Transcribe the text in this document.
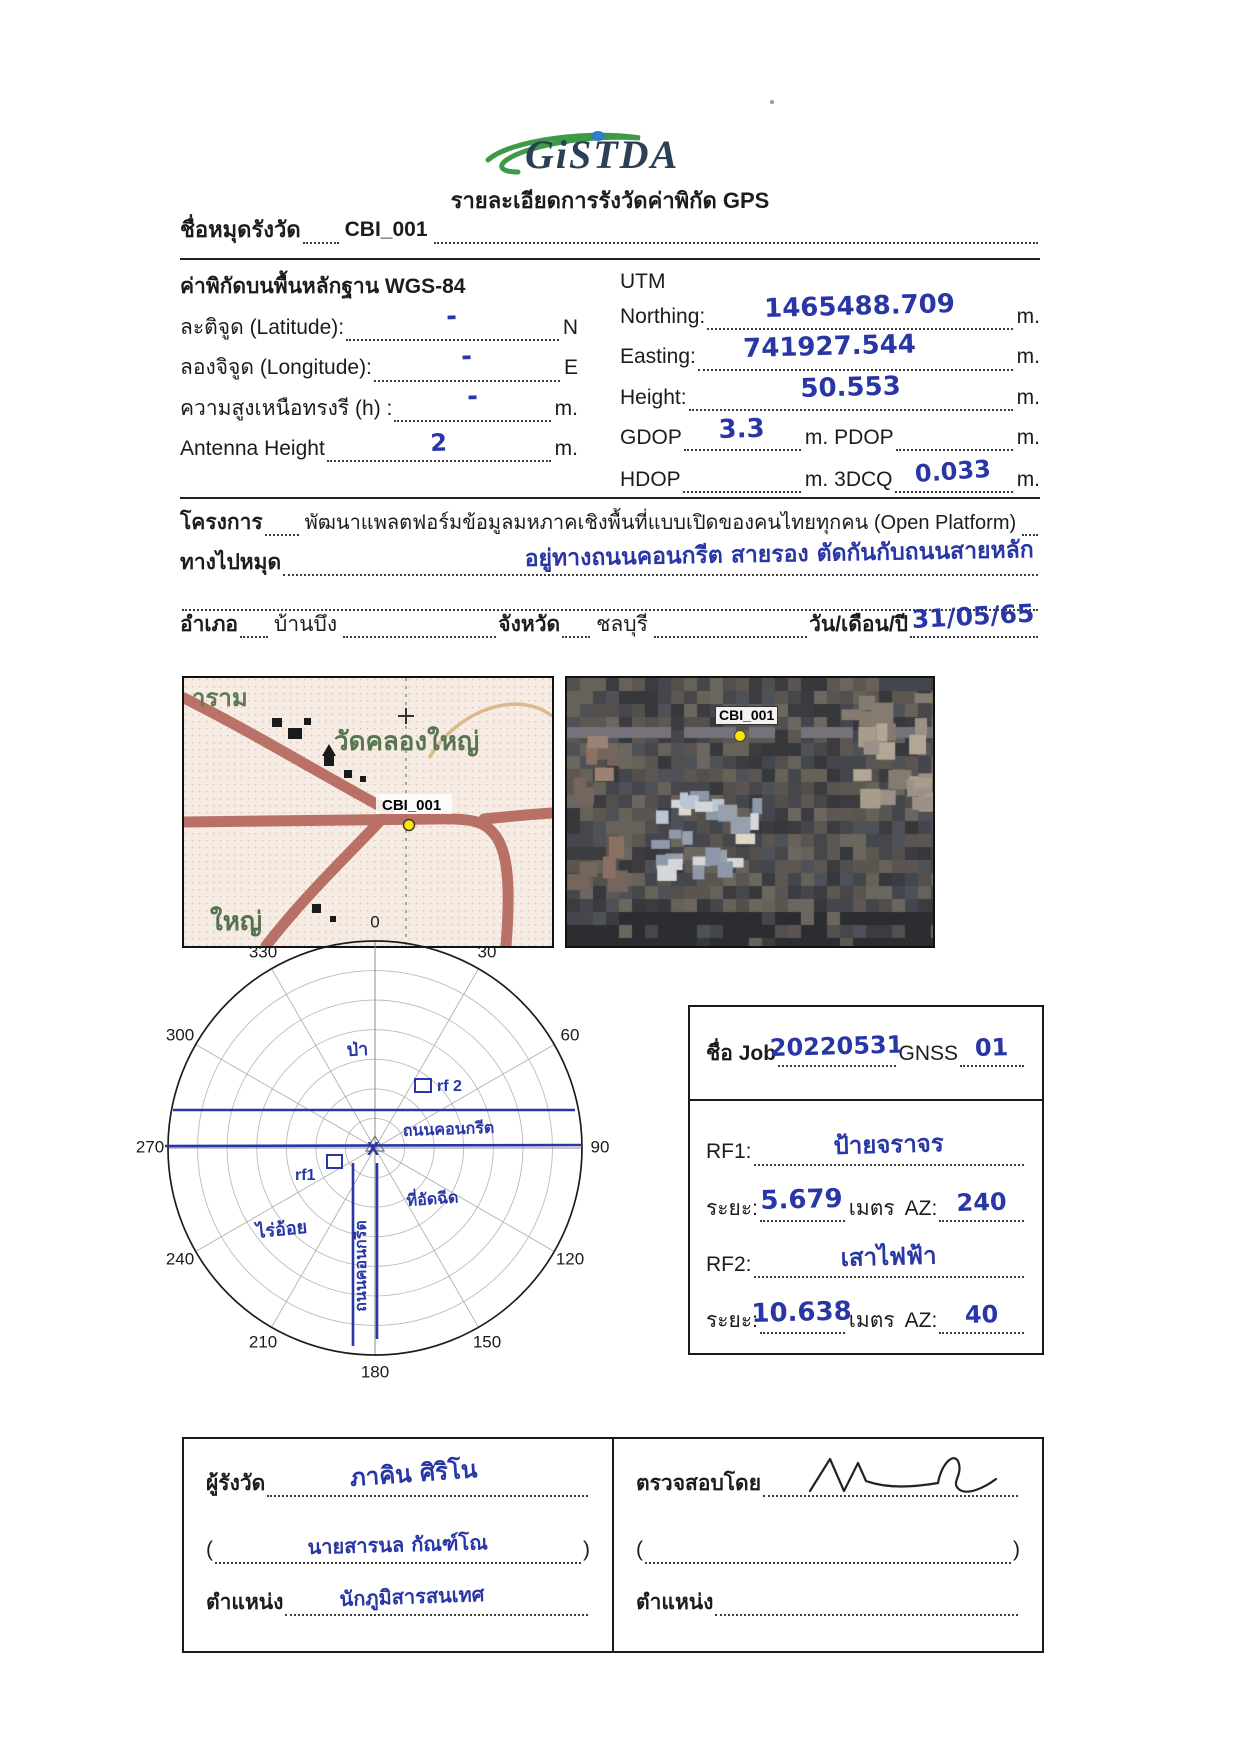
GiSTDA
รายละเอียดการรังวัดค่าพิกัด GPS
ชื่อหมุดรังวัด CBI_001
ค่าพิกัดบนพื้นหลักฐาน WGS-84
ละติจูด (Latitude):	-	N
ลองจิจูด (Longitude):	-	E
ความสูงเหนือทรงรี (h) :	-	m.
Antenna Height	2	m.
UTM
Northing: 1465488.709	m.
Easting: 741927.544	m.
Height:	50.553	m.
GDOP 3.3 m. PDOP	m.
HDOP	m. 3DCQ 0.033 m.
โครงการ พัฒนาแพลตฟอร์มข้อมูลมหภาคเชิงพื้นที่แบบเปิดของคนไทยทุกคน (Open Platform)
ทางไปหมุด	อยู่ทางถนนคอนกรีต สายรอง ตัดกันกับถนนสายหลัก
อำเภอ บ้านบึง	จังหวัด ชลบุรี	วัน/เดือน/ปี 31/05/65
าราม
วัดคลองใหญ่
ใหญ่
CBI_001
CBI_001
0
30
60
90
120
150
180
210
240
270
300
330
ป่า
rf 2
ถนนคอนกรีต
X
rf1
ที่อัดฉีด
ไร่อ้อย	ถนนคอนกรีต
ชื่อ Job
20220531
GNSS 01
RF1:	ป้ายจราจร
ระยะ: 5.679 เมตร AZ: 240
RF2:	เสาไฟฟ้า
ระยะ:
10.638
เมตร AZ: 40
ผู้รังวัด	ภาคิน ศิริโน
(	นายสารนล กัณฑ์โณ	)
ตำแหน่ง	นักภูมิสารสนเทศ
ตรวจสอบโดย
(	)
ตำแหน่ง
